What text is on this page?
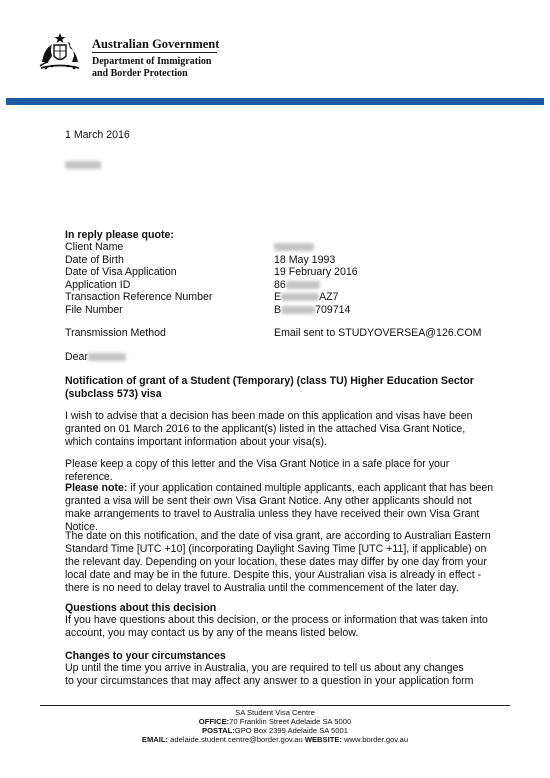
Australian Government
Department of Immigration
and Border Protection
1 March 2016
In reply please quote:
Client Name
Date of Birth	18 May 1993
Date of Visa Application	19 February 2016
Application ID	86
Transaction Reference Number	E	AZ7
File Number	B	709714
Transmission Method	Email sent to STUDYOVERSEA@126.COM
Dear
Notification of grant of a Student (Temporary) (class TU) Higher Education Sector (subclass 573) visa
I wish to advise that a decision has been made on this application and visas have been granted on 01 March 2016 to the applicant(s) listed in the attached Visa Grant Notice, which contains important information about your visa(s).
Please keep a copy of this letter and the Visa Grant Notice in a safe place for your reference.
Please note: if your application contained multiple applicants, each applicant that has been granted a visa will be sent their own Visa Grant Notice. Any other applicants should not make arrangements to travel to Australia unless they have received their own Visa Grant Notice.
The date on this notification, and the date of visa grant, are according to Australian Eastern Standard Time [UTC +10] (incorporating Daylight Saving Time [UTC +11], if applicable) on the relevant day. Depending on your location, these dates may differ by one day from your local date and may be in the future. Despite this, your Australian visa is already in effect - there is no need to delay travel to Australia until the commencement of the later day.
Questions about this decision
If you have questions about this decision, or the process or information that was taken into account, you may contact us by any of the means listed below.
Changes to your circumstances
Up until the time you arrive in Australia, you are required to tell us about any changes
to your circumstances that may affect any answer to a question in your application form
SA Student Visa Centre
OFFICE:70 Franklin Street Adelaide SA 5000
POSTAL:GPO Box 2399 Adelaide SA 5001
EMAIL: adelaide.student.centre@border.gov.au WEBSITE: www.border.gov.au
